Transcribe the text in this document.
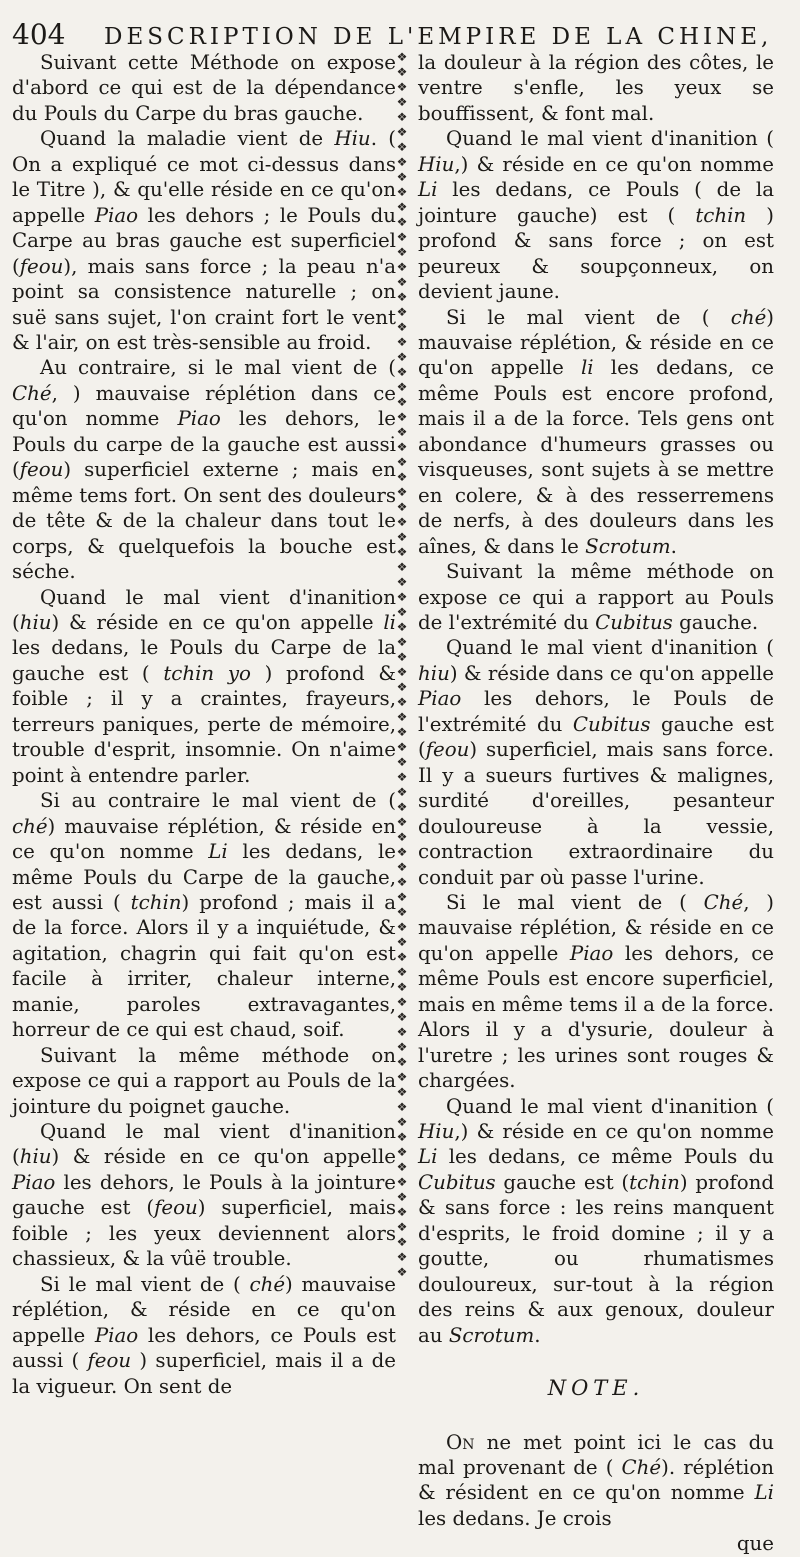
404 DESCRIPTION DE L'EMPIRE DE LA CHINE,

Suivant cette Méthode on expose d'abord ce qui est de la dépendance du Pouls du Carpe du bras gauche.

Quand la maladie vient de Hiu. ( On a expliqué ce mot ci-dessus dans le Titre ), & qu'elle réside en ce qu'on appelle Piao les dehors ; le Pouls du Carpe au bras gauche est superficiel (feou), mais sans force ; la peau n'a point sa consistence naturelle ; on suë sans sujet, l'on craint fort le vent & l'air, on est très-sensible au froid.

Au contraire, si le mal vient de ( Ché, ) mauvaise réplétion dans ce qu'on nomme Piao les dehors, le Pouls du carpe de la gauche est aussi (feou) superficiel externe ; mais en même tems fort. On sent des douleurs de tête & de la chaleur dans tout le corps, & quelquefois la bouche est séche.

Quand le mal vient d'inanition (hiu) & réside en ce qu'on appelle li les dedans, le Pouls du Carpe de la gauche est ( tchin yo ) profond & foible ; il y a craintes, frayeurs, terreurs paniques, perte de mémoire, trouble d'esprit, insomnie. On n'aime point à entendre parler.

Si au contraire le mal vient de ( ché) mauvaise réplétion, & réside en ce qu'on nomme Li les dedans, le même Pouls du Carpe de la gauche, est aussi ( tchin) profond ; mais il a de la force. Alors il y a inquiétude, & agitation, chagrin qui fait qu'on est facile à irriter, chaleur interne, manie, paroles extravagantes, horreur de ce qui est chaud, soif.

Suivant la même méthode on expose ce qui a rapport au Pouls de la jointure du poignet gauche.

Quand le mal vient d'inanition (hiu) & réside en ce qu'on appelle Piao les dehors, le Pouls à la jointure gauche est (feou) superficiel, mais foible ; les yeux deviennent alors chassieux, & la vûë trouble.

Si le mal vient de ( ché) mauvaise réplétion, & réside en ce qu'on appelle Piao les dehors, ce Pouls est aussi ( feou ) superficiel, mais il a de la vigueur. On sent de

❖
❖
❖
❖
❖
❖
❖
❖
❖
❖
❖
❖
❖
❖
❖
❖
❖
❖
❖
❖
❖
❖
❖
❖
❖
❖
❖
❖
❖
❖
❖
❖
❖
❖
❖
❖
❖
❖
❖
❖
❖
❖
❖
❖
❖
❖
❖
❖
❖
❖
❖
❖
❖
❖
❖
❖
❖
❖
❖
❖
❖
❖
❖
❖
❖
❖
❖
❖
❖
❖
❖
❖
❖
❖
❖
❖
❖
❖
❖
❖
❖
❖

la douleur à la région des côtes, le ventre s'enfle, les yeux se bouffissent, & font mal.

Quand le mal vient d'inanition ( Hiu,) & réside en ce qu'on nomme Li les dedans, ce Pouls ( de la jointure gauche) est ( tchin ) profond & sans force ; on est peureux & soupçonneux, on devient jaune.

Si le mal vient de ( ché) mauvaise réplétion, & réside en ce qu'on appelle li les dedans, ce même Pouls est encore profond, mais il a de la force. Tels gens ont abondance d'humeurs grasses ou visqueuses, sont sujets à se mettre en colere, & à des resserremens de nerfs, à des douleurs dans les aînes, & dans le Scrotum.

Suivant la même méthode on expose ce qui a rapport au Pouls de l'extrémité du Cubitus gauche.

Quand le mal vient d'inanition ( hiu) & réside dans ce qu'on appelle Piao les dehors, le Pouls de l'extrémité du Cubitus gauche est (feou) superficiel, mais sans force. Il y a sueurs furtives & malignes, surdité d'oreilles, pesanteur douloureuse à la vessie, contraction extraordinaire du conduit par où passe l'urine.

Si le mal vient de ( Ché, ) mauvaise réplétion, & réside en ce qu'on appelle Piao les dehors, ce même Pouls est encore superficiel, mais en même tems il a de la force. Alors il y a d'ysurie, douleur à l'uretre ; les urines sont rouges & chargées.

Quand le mal vient d'inanition ( Hiu,) & réside en ce qu'on nomme Li les dedans, ce même Pouls du Cubitus gauche est (tchin) profond & sans force : les reins manquent d'esprits, le froid domine ; il y a goutte, ou rhumatismes douloureux, sur-tout à la région des reins & aux genoux, douleur au Scrotum.

NOTE.

On ne met point ici le cas du mal provenant de ( Ché). réplétion & résident en ce qu'on nomme Li les dedans. Je crois

que
